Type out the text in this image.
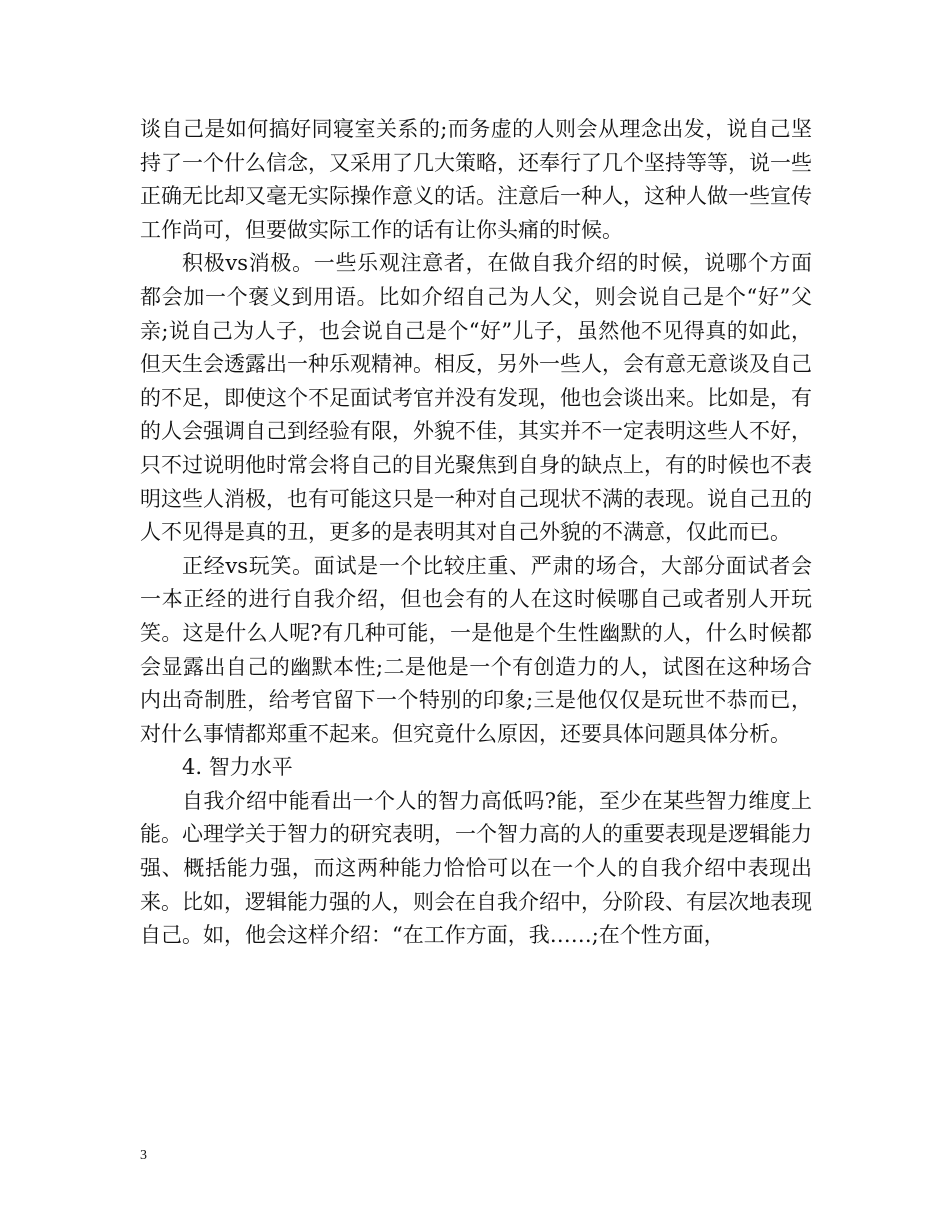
谈自己是如何搞好同寝室关系的;而务虚的人则会从理念出发，说自己坚持了一个什么信念，又采用了几大策略，还奉行了几个坚持等等，说一些正确无比却又毫无实际操作意义的话。注意后一种人，这种人做一些宣传工作尚可，但要做实际工作的话有让你头痛的时候。

积极vs消极。一些乐观注意者，在做自我介绍的时候，说哪个方面都会加一个褒义到用语。比如介绍自己为人父，则会说自己是个“好”父亲;说自己为人子，也会说自己是个“好”儿子，虽然他不见得真的如此，但天生会透露出一种乐观精神。相反，另外一些人，会有意无意谈及自己的不足，即使这个不足面试考官并没有发现，他也会谈出来。比如是，有的人会强调自己到经验有限，外貌不佳，其实并不一定表明这些人不好，只不过说明他时常会将自己的目光聚焦到自身的缺点上，有的时候也不表明这些人消极，也有可能这只是一种对自己现状不满的表现。说自己丑的人不见得是真的丑，更多的是表明其对自己外貌的不满意，仅此而已。

正经vs玩笑。面试是一个比较庄重、严肃的场合，大部分面试者会一本正经的进行自我介绍，但也会有的人在这时候哪自己或者别人开玩笑。这是什么人呢?有几种可能，一是他是个生性幽默的人，什么时候都会显露出自己的幽默本性;二是他是一个有创造力的人，试图在这种场合内出奇制胜，给考官留下一个特别的印象;三是他仅仅是玩世不恭而已，对什么事情都郑重不起来。但究竟什么原因，还要具体问题具体分析。

4. 智力水平

自我介绍中能看出一个人的智力高低吗?能，至少在某些智力维度上能。心理学关于智力的研究表明，一个智力高的人的重要表现是逻辑能力强、概括能力强，而这两种能力恰恰可以在一个人的自我介绍中表现出来。比如，逻辑能力强的人，则会在自我介绍中，分阶段、有层次地表现自己。如，他会这样介绍：“在工作方面，我……;在个性方面，

3
